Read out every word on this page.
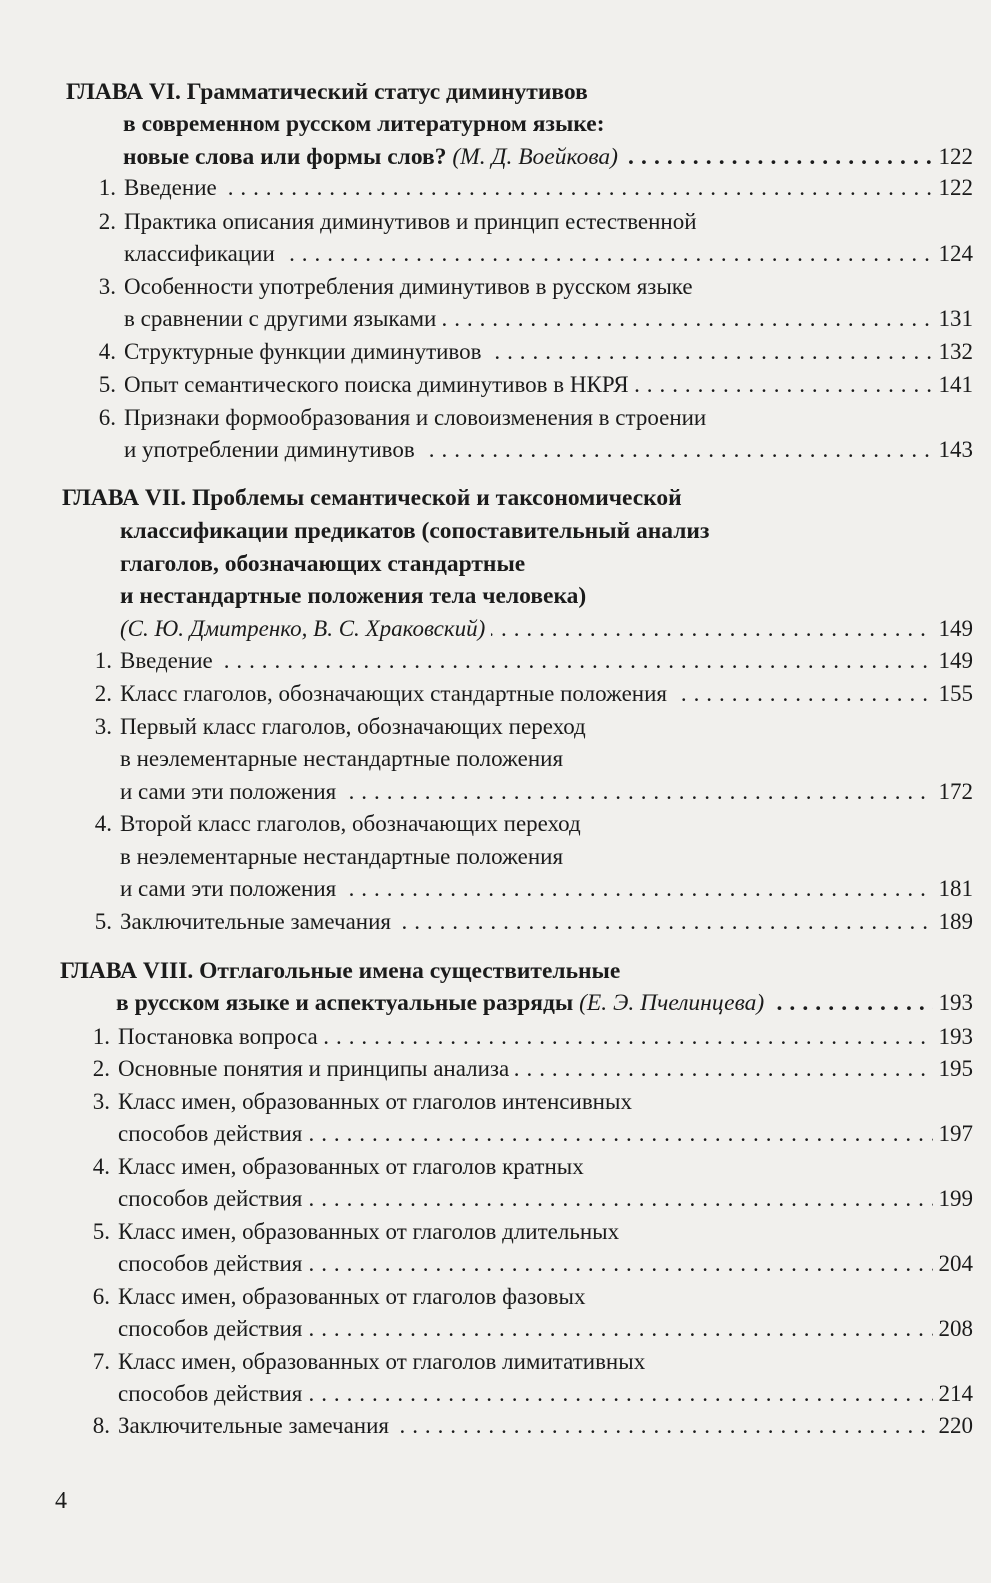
ГЛАВА VI. Грамматический статус диминутивов
в современном русском литературном языке:
новые слова или формы слов? (М. Д. Воейкова) . . .	122
1. Введение . . .	122
2. Практика описания диминутивов и принцип естественной
классификации . . .	124
3. Особенности употребления диминутивов в русском языке
в сравнении с другими языками . . .	131
4. Структурные функции диминутивов . . .	132
5. Опыт семантического поиска диминутивов в НКРЯ . . .	141
6. Признаки формообразования и словоизменения в строении
и употреблении диминутивов . . .	143
ГЛАВА VII. Проблемы семантической и таксономической
классификации предикатов (сопоставительный анализ
глаголов, обозначающих стандартные
и нестандартные положения тела человека)
(С. Ю. Дмитренко, В. С. Храковский) . . .	149
1. Введение . . .	149
2. Класс глаголов, обозначающих стандартные положения . . .	155
3. Первый класс глаголов, обозначающих переход
в неэлементарные нестандартные положения
и сами эти положения . . .	172
4. Второй класс глаголов, обозначающих переход
в неэлементарные нестандартные положения
и сами эти положения . . .	181
5. Заключительные замечания . . .	189
ГЛАВА VIII. Отглагольные имена существительные
в русском языке и аспектуальные разряды (Е. Э. Пчелинцева) . . .	193
1. Постановка вопроса . . .	193
2. Основные понятия и принципы анализа . . .	195
3. Класс имен, образованных от глаголов интенсивных
способов действия . . .	197
4. Класс имен, образованных от глаголов кратных
способов действия . . .	199
5. Класс имен, образованных от глаголов длительных
способов действия . . .	204
6. Класс имен, образованных от глаголов фазовых
способов действия . . .	208
7. Класс имен, образованных от глаголов лимитативных
способов действия . . .	214
8. Заключительные замечания . . .	220
4
